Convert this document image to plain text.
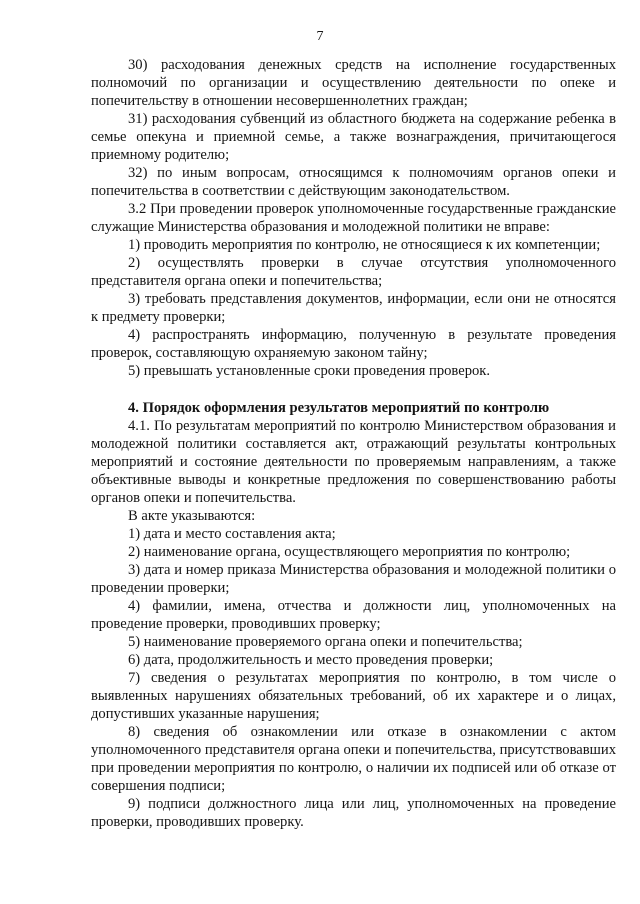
7

30) расходования денежных средств на исполнение государственных полномочий по организации и осуществлению деятельности по опеке и попечительству в отношении несовершеннолетних граждан;

31) расходования субвенций из областного бюджета на содержание ребенка в семье опекуна и приемной семье, а также вознаграждения, причитающегося приемному родителю;

32) по иным вопросам, относящимся к полномочиям органов опеки и попечительства в соответствии с действующим законодательством.

3.2 При проведении проверок уполномоченные государственные гражданские служащие Министерства образования и молодежной политики не вправе:

1) проводить мероприятия по контролю, не относящиеся к их компетенции;

2) осуществлять проверки в случае отсутствия уполномоченного представителя органа опеки и попечительства;

3) требовать представления документов, информации, если они не относятся к предмету проверки;

4) распространять информацию, полученную в результате проведения проверок, составляющую охраняемую законом тайну;

5) превышать установленные сроки проведения проверок.

4. Порядок оформления результатов мероприятий по контролю

4.1. По результатам мероприятий по контролю Министерством образования и молодежной политики составляется акт, отражающий результаты контрольных мероприятий и состояние деятельности по проверяемым направлениям, а также объективные выводы и конкретные предложения по совершенствованию работы органов опеки и попечительства.

В акте указываются:

1) дата и место составления акта;

2) наименование органа, осуществляющего мероприятия по контролю;

3) дата и номер приказа Министерства образования и молодежной политики о проведении проверки;

4) фамилии, имена, отчества и должности лиц, уполномоченных на проведение проверки, проводивших проверку;

5) наименование проверяемого органа опеки и попечительства;

6) дата, продолжительность и место проведения проверки;

7) сведения о результатах мероприятия по контролю, в том числе о выявленных нарушениях обязательных требований, об их характере и о лицах, допустивших указанные нарушения;

8) сведения об ознакомлении или отказе в ознакомлении с актом уполномоченного представителя органа опеки и попечительства, присутствовавших при проведении мероприятия по контролю, о наличии их подписей или об отказе от совершения подписи;

9) подписи должностного лица или лиц, уполномоченных на проведение проверки, проводивших проверку.
